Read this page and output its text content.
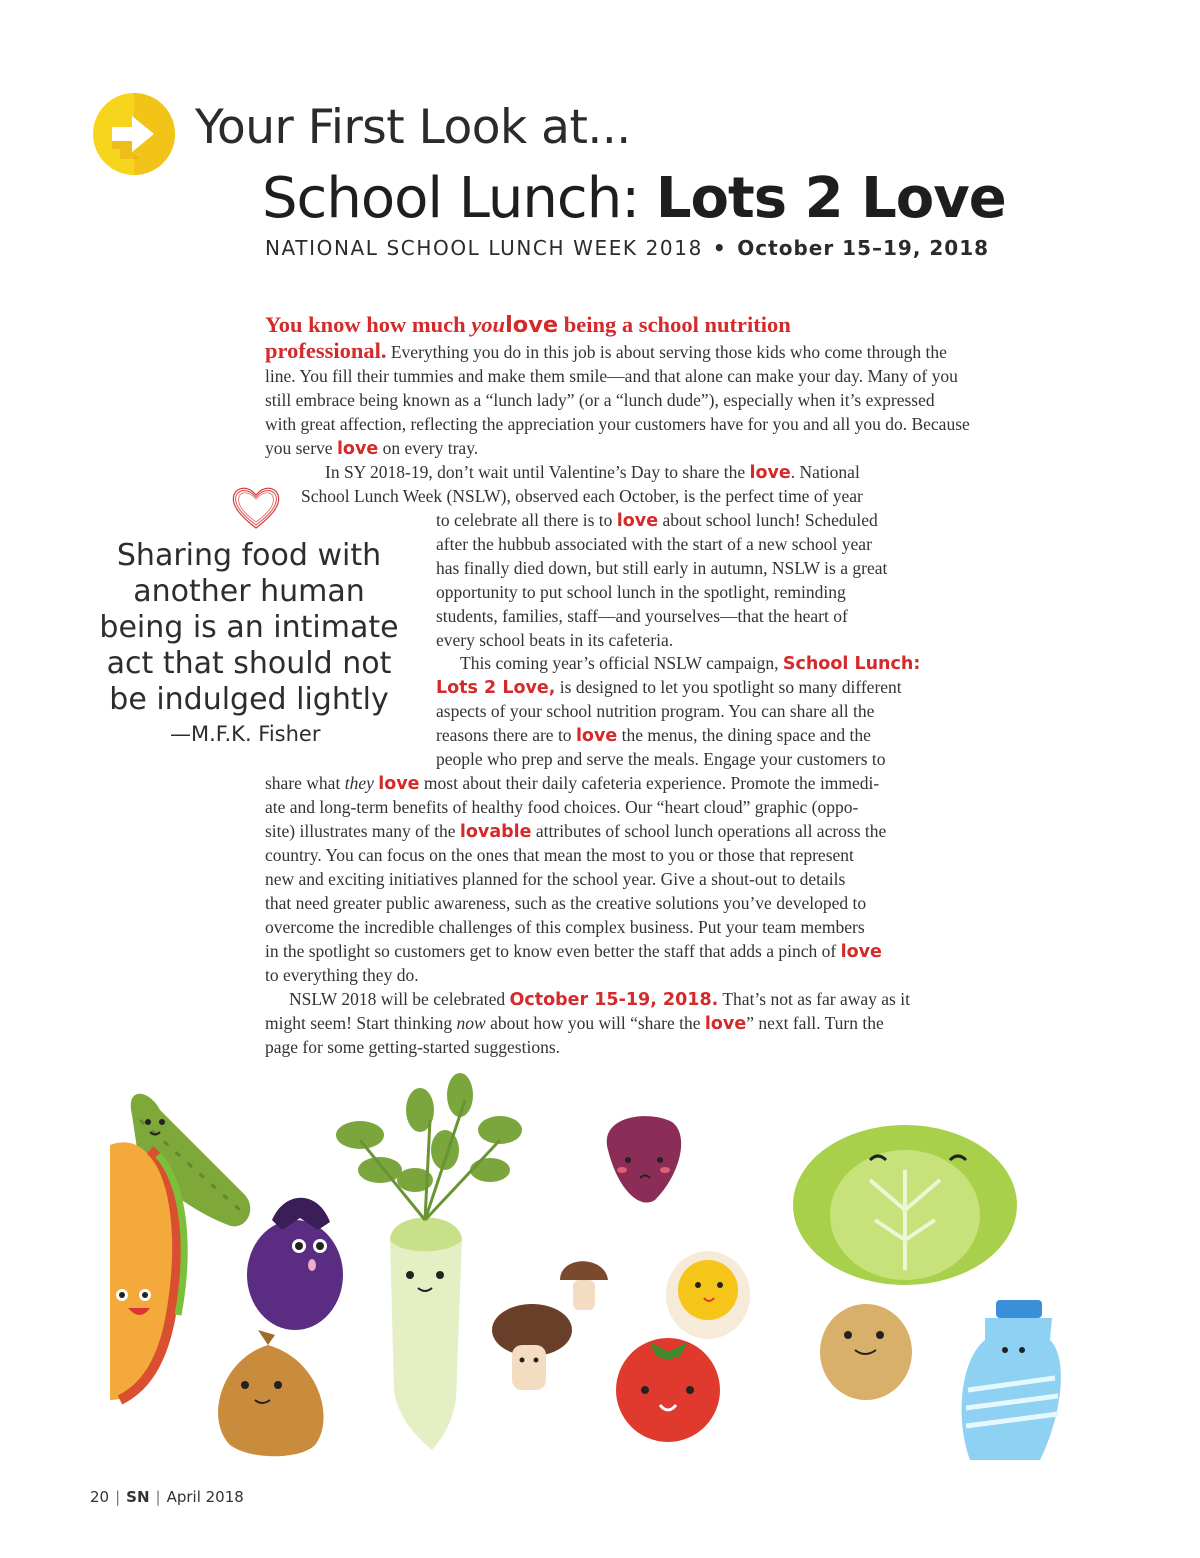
Your First Look at...
School Lunch: Lots 2 Love
NATIONAL SCHOOL LUNCH WEEK 2018 • October 15–19, 2018
You know how much youlove being a school nutrition
professional. Everything you do in this job is about serving those kids who come through the line. You fill their tummies and make them smile—and that alone can make your day. Many of you still embrace being known as a “lunch lady” (or a “lunch dude”), especially when it’s expressed with great affection, reflecting the appreciation your customers have for you and all you do. Because you serve love on every tray.
In SY 2018-19, don’t wait until Valentine’s Day to share the love. National
School Lunch Week (NSLW), observed each October, is the perfect time of year
to celebrate all there is to love about school lunch! Scheduled
after the hubbub associated with the start of a new school year
has finally died down, but still early in autumn, NSLW is a great
opportunity to put school lunch in the spotlight, reminding
students, families, staff—and yourselves—that the heart of
every school beats in its cafeteria.
This coming year’s official NSLW campaign, School Lunch:
Lots 2 Love, is designed to let you spotlight so many different
aspects of your school nutrition program. You can share all the
reasons there are to love the menus, the dining space and the
people who prep and serve the meals. Engage your customers to
share what they love most about their daily cafeteria experience. Promote the immedi-
ate and long-term benefits of healthy food choices. Our “heart cloud” graphic (oppo-
site) illustrates many of the lovable attributes of school lunch operations all across the
country. You can focus on the ones that mean the most to you or those that represent
new and exciting initiatives planned for the school year. Give a shout-out to details
that need greater public awareness, such as the creative solutions you’ve developed to
overcome the incredible challenges of this complex business. Put your team members
in the spotlight so customers get to know even better the staff that adds a pinch of love
to everything they do.
NSLW 2018 will be celebrated October 15-19, 2018. That’s not as far away as it
might seem! Start thinking now about how you will “share the love” next fall. Turn the
page for some getting-started suggestions.
Sharing food with
another human
being is an intimate
act that should not
be indulged lightly
—M.F.K. Fisher
20 | SN | April 2018
